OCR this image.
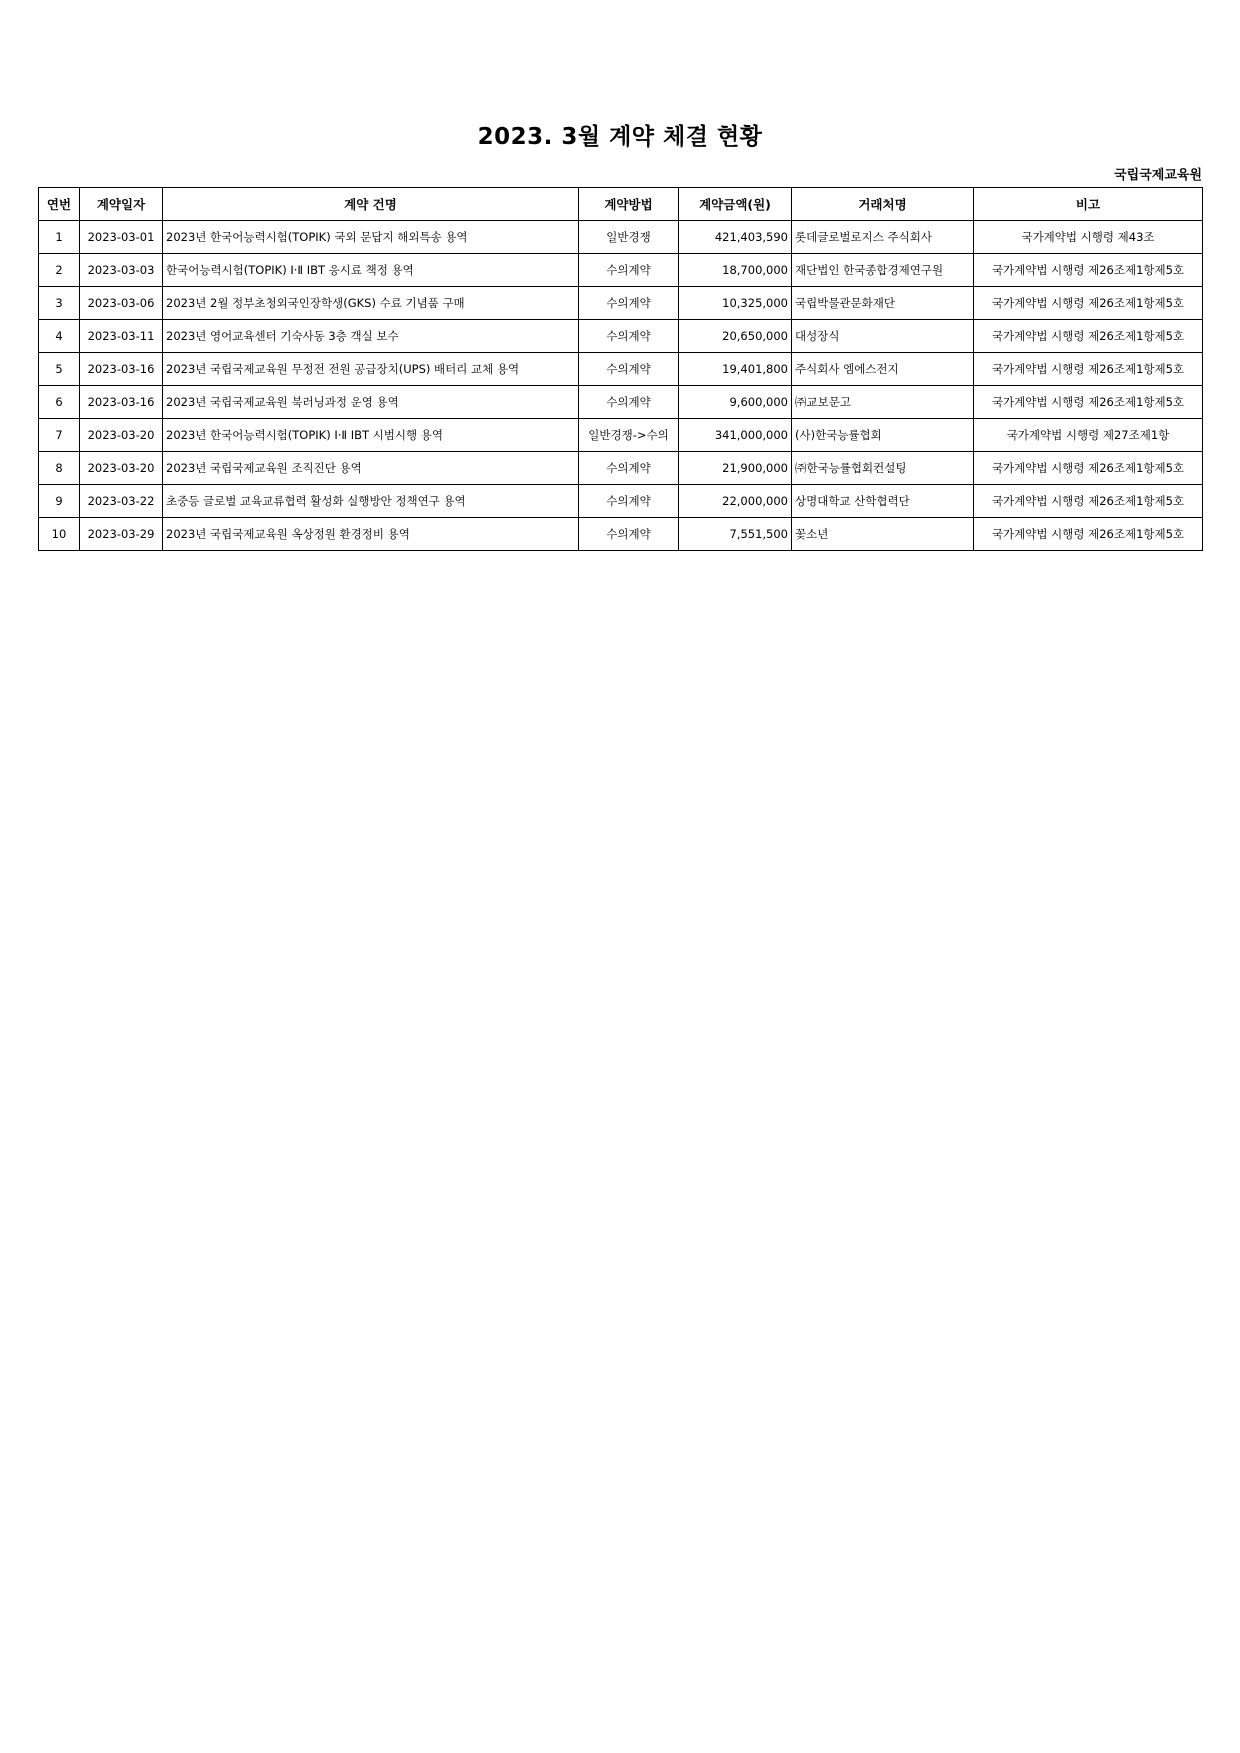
2023. 3월 계약 체결 현황
국립국제교육원
연번	계약일자	계약 건명	계약방법	계약금액(원)	거래처명	비고
1	2023-03-01	2023년 한국어능력시험(TOPIK) 국외 문답지 해외특송 용역	일반경쟁	421,403,590	롯데글로벌로지스 주식회사	국가계약법 시행령 제43조
2	2023-03-03	한국어능력시험(TOPIK) Ⅰ·Ⅱ IBT 응시료 책정 용역	수의계약	18,700,000	재단법인 한국종합경제연구원	국가계약법 시행령 제26조제1항제5호
3	2023-03-06	2023년 2월 정부초청외국인장학생(GKS) 수료 기념품 구매	수의계약	10,325,000	국립박물관문화재단	국가계약법 시행령 제26조제1항제5호
4	2023-03-11	2023년 영어교육센터 기숙사동 3층 객실 보수	수의계약	20,650,000	대성장식	국가계약법 시행령 제26조제1항제5호
5	2023-03-16	2023년 국립국제교육원 무정전 전원 공급장치(UPS) 배터리 교체 용역	수의계약	19,401,800	주식회사 엠에스전지	국가계약법 시행령 제26조제1항제5호
6	2023-03-16	2023년 국립국제교육원 북러닝과정 운영 용역	수의계약	9,600,000	㈜교보문고	국가계약법 시행령 제26조제1항제5호
7	2023-03-20	2023년 한국어능력시험(TOPIK) Ⅰ·Ⅱ IBT 시범시행 용역	일반경쟁->수의	341,000,000	(사)한국능률협회	국가계약법 시행령 제27조제1항
8	2023-03-20	2023년 국립국제교육원 조직진단 용역	수의계약	21,900,000	㈜한국능률협회컨설팅	국가계약법 시행령 제26조제1항제5호
9	2023-03-22	초중등 글로벌 교육교류협력 활성화 실행방안 정책연구 용역	수의계약	22,000,000	상명대학교 산학협력단	국가계약법 시행령 제26조제1항제5호
10	2023-03-29	2023년 국립국제교육원 옥상정원 환경정비 용역	수의계약	7,551,500	꽃소년	국가계약법 시행령 제26조제1항제5호
